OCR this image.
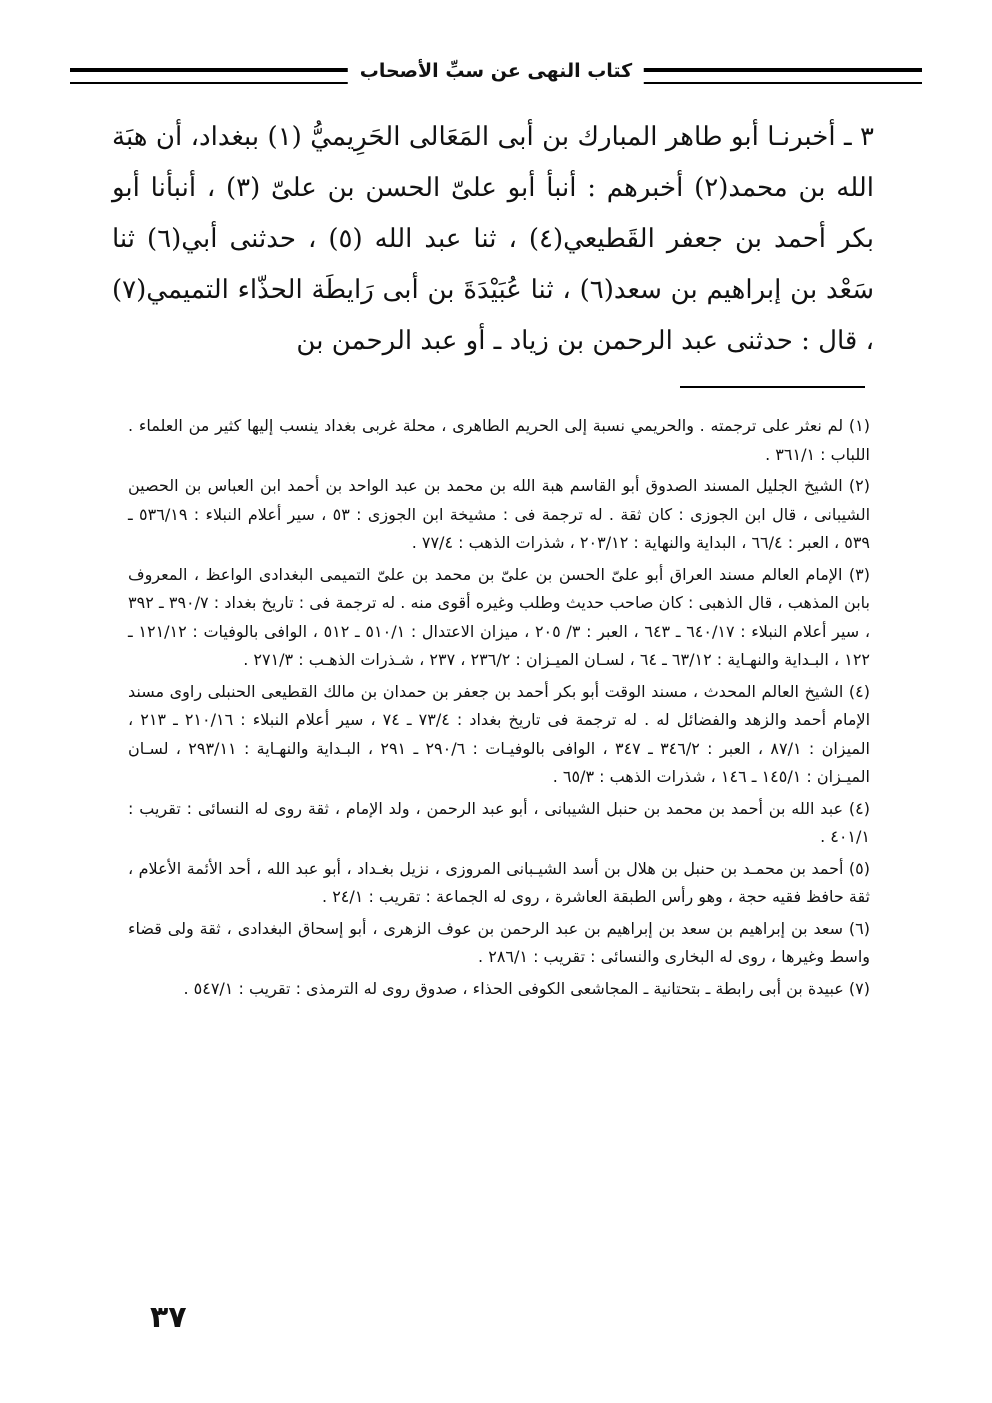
كتاب النهى عن سبِّ الأصحاب

٣ ـ أخبرنـا أبو طاهر المبارك بن أبى المَعَالى الحَرِيميُّ (١) ببغداد، أن هبَة الله بن محمد(٢) أخبرهم : أنبأ أبو علىّ الحسن بن علىّ (٣) ، أنبأنا أبو بكر أحمد بن جعفر القَطيعي(٤) ، ثنا عبد الله (٥) ، حدثنى أبي(٦) ثنا سَعْد بن إبراهيم بن سعد(٦) ، ثنا عُبَيْدَةَ بن أبى رَايطَة الحذّاء التميمي(٧) ، قال : حدثنى عبد الرحمن بن زياد ـ أو عبد الرحمن بن

(١) لم نعثر على ترجمته . والحريمي نسبة إلى الحريم الطاهرى ، محلة غربى بغداد ينسب إليها كثير من العلماء . اللباب : ٣٦١/١ .

(٢) الشيخ الجليل المسند الصدوق أبو القاسم هبة الله بن محمد بن عبد الواحد بن أحمد ابن العباس بن الحصين الشيبانى ، قال ابن الجوزى : كان ثقة . له ترجمة فى : مشيخة ابن الجوزى : ٥٣ ، سير أعلام النبلاء : ٥٣٦/١٩ ـ ٥٣٩ ، العبر : ٦٦/٤ ، البداية والنهاية : ٢٠٣/١٢ ، شذرات الذهب : ٧٧/٤ .

(٣) الإمام العالم مسند العراق أبو علىّ الحسن بن علىّ بن محمد بن علىّ التميمى البغدادى الواعظ ، المعروف بابن المذهب ، قال الذهبى : كان صاحب حديث وطلب وغيره أقوى منه . له ترجمة فى : تاريخ بغداد : ٣٩٠/٧ ـ ٣٩٢ ، سير أعلام النبلاء : ٦٤٠/١٧ ـ ٦٤٣ ، العبر : ٣/ ٢٠٥ ، ميزان الاعتدال : ٥١٠/١ ـ ٥١٢ ، الوافى بالوفيات : ١٢١/١٢ ـ ١٢٢ ، البـداية والنهـاية : ٦٣/١٢ ـ ٦٤ ، لسـان الميـزان : ٢٣٦/٢ ، ٢٣٧ ، شـذرات الذهـب : ٢٧١/٣ .

(٤) الشيخ العالم المحدث ، مسند الوقت أبو بكر أحمد بن جعفر بن حمدان بن مالك القطيعى الحنبلى راوى مسند الإمام أحمد والزهد والفضائل له . له ترجمة فى تاريخ بغداد : ٧٣/٤ ـ ٧٤ ، سير أعلام النبلاء : ٢١٠/١٦ ـ ٢١٣ ، الميزان : ٨٧/١ ، العبر : ٣٤٦/٢ ـ ٣٤٧ ، الوافى بالوفيـات : ٢٩٠/٦ ـ ٢٩١ ، البـداية والنهـاية : ٢٩٣/١١ ، لسـان الميـزان : ١٤٥/١ ـ ١٤٦ ، شذرات الذهب : ٦٥/٣ .

(٤) عبد الله بن أحمد بن محمد بن حنبل الشيبانى ، أبو عبد الرحمن ، ولد الإمام ، ثقة روى له النسائى : تقريب : ٤٠١/١ .

(٥) أحمد بن محمـد بن حنبل بن هلال بن أسد الشيـبانى المروزى ، نزيل بغـداد ، أبو عبد الله ، أحد الأئمة الأعلام ، ثقة حافظ فقيه حجة ، وهو رأس الطبقة العاشرة ، روى له الجماعة : تقريب : ٢٤/١ .

(٦) سعد بن إبراهيم بن سعد بن إبراهيم بن عبد الرحمن بن عوف الزهرى ، أبو إسحاق البغدادى ، ثقة ولى قضاء واسط وغيرها ، روى له البخارى والنسائى : تقريب : ٢٨٦/١ .

(٧) عبيدة بن أبى رابطة ـ بتحتانية ـ المجاشعى الكوفى الحذاء ، صدوق روى له الترمذى : تقريب : ٥٤٧/١ .

٣٧
